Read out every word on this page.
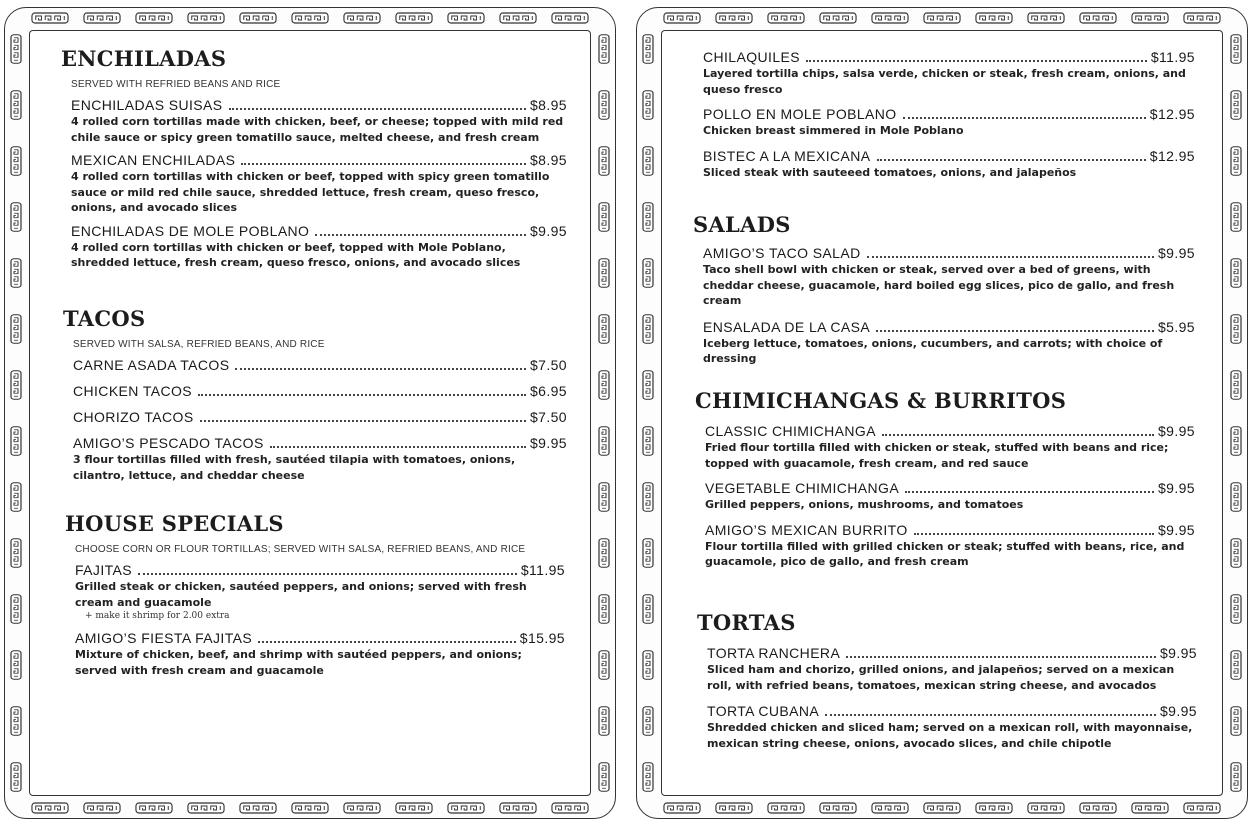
ENCHILADAS
SERVED WITH REFRIED BEANS AND RICE
ENCHILADAS SUISAS	$8.95
4 rolled corn tortillas made with chicken, beef, or cheese; topped with mild red chile sauce or spicy green tomatillo sauce, melted cheese, and fresh cream
MEXICAN ENCHILADAS	$8.95
4 rolled corn tortillas with chicken or beef, topped with spicy green tomatillo sauce or mild red chile sauce, shredded lettuce, fresh cream, queso fresco, onions, and avocado slices
ENCHILADAS DE MOLE POBLANO	$9.95
4 rolled corn tortillas with chicken or beef, topped with Mole Poblano, shredded lettuce, fresh cream, queso fresco, onions, and avocado slices
TACOS
SERVED WITH SALSA, REFRIED BEANS, AND RICE
CARNE ASADA TACOS	$7.50
CHICKEN TACOS	$6.95
CHORIZO TACOS	$7.50
AMIGO’S PESCADO TACOS	$9.95
3 flour tortillas filled with fresh, sautéed tilapia with tomatoes, onions, cilantro, lettuce, and cheddar cheese
HOUSE SPECIALS
CHOOSE CORN OR FLOUR TORTILLAS; SERVED WITH SALSA, REFRIED BEANS, AND RICE
FAJITAS	$11.95
Grilled steak or chicken, sautéed peppers, and onions; served with fresh cream and guacamole
+ make it shrimp for 2.00 extra
AMIGO’S FIESTA FAJITAS	$15.95
Mixture of chicken, beef, and shrimp with sautéed peppers, and onions; served with fresh cream and guacamole
CHILAQUILES	$11.95
Layered tortilla chips, salsa verde, chicken or steak, fresh cream, onions, and queso fresco
POLLO EN MOLE POBLANO	$12.95
Chicken breast simmered in Mole Poblano
BISTEC A LA MEXICANA	$12.95
Sliced steak with sauteeed tomatoes, onions, and jalapeños
SALADS
AMIGO’S TACO SALAD	$9.95
Taco shell bowl with chicken or steak, served over a bed of greens, with cheddar cheese, guacamole, hard boiled egg slices, pico de gallo, and fresh cream
ENSALADA DE LA CASA	$5.95
Iceberg lettuce, tomatoes, onions, cucumbers, and carrots; with choice of dressing
CHIMICHANGAS & BURRITOS
CLASSIC CHIMICHANGA	$9.95
Fried flour tortilla filled with chicken or steak, stuffed with beans and rice; topped with guacamole, fresh cream, and red sauce
VEGETABLE CHIMICHANGA	$9.95
Grilled peppers, onions, mushrooms, and tomatoes
AMIGO’S MEXICAN BURRITO	$9.95
Flour tortilla filled with grilled chicken or steak; stuffed with beans, rice, and guacamole, pico de gallo, and fresh cream
TORTAS
TORTA RANCHERA	$9.95
Sliced ham and chorizo, grilled onions, and jalapeños; served on a mexican roll, with refried beans, tomatoes, mexican string cheese, and avocados
TORTA CUBANA	$9.95
Shredded chicken and sliced ham; served on a mexican roll, with mayonnaise, mexican string cheese, onions, avocado slices, and chile chipotle
